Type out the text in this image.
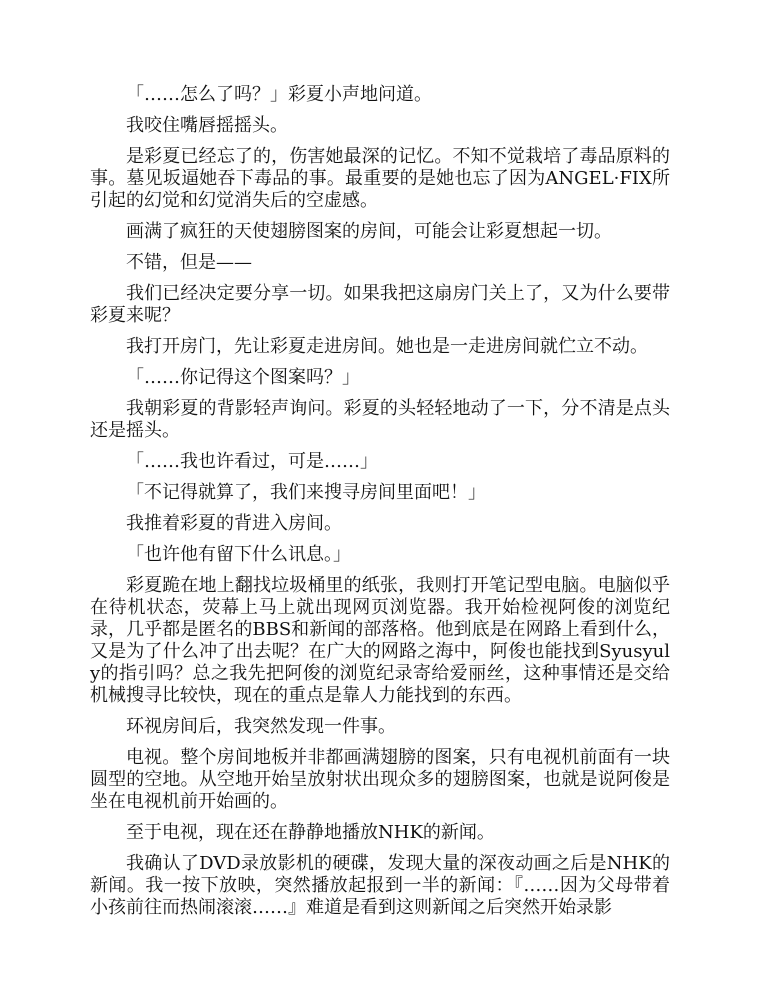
「……怎么了吗？」彩夏小声地问道。

我咬住嘴唇摇摇头。

是彩夏已经忘了的，伤害她最深的记忆。不知不觉栽培了毒品原料的事。墓见坂逼她吞下毒品的事。最重要的是她也忘了因为ANGEL·FIX所引起的幻觉和幻觉消失后的空虚感。

画满了疯狂的天使翅膀图案的房间，可能会让彩夏想起一切。

不错，但是——

我们已经决定要分享一切。如果我把这扇房门关上了，又为什么要带彩夏来呢？

我打开房门，先让彩夏走进房间。她也是一走进房间就伫立不动。

「……你记得这个图案吗？」

我朝彩夏的背影轻声询问。彩夏的头轻轻地动了一下，分不清是点头还是摇头。

「……我也许看过，可是……」

「不记得就算了，我们来搜寻房间里面吧！」

我推着彩夏的背进入房间。

「也许他有留下什么讯息。」

彩夏跪在地上翻找垃圾桶里的纸张，我则打开笔记型电脑。电脑似乎在待机状态，荧幕上马上就出现网页浏览器。我开始检视阿俊的浏览纪录，几乎都是匿名的BBS和新闻的部落格。他到底是在网路上看到什么，又是为了什么冲了出去呢？在广大的网路之海中，阿俊也能找到Syusyuly的指引吗？总之我先把阿俊的浏览纪录寄给爱丽丝，这种事情还是交给机械搜寻比较快，现在的重点是靠人力能找到的东西。

环视房间后，我突然发现一件事。

电视。整个房间地板并非都画满翅膀的图案，只有电视机前面有一块圆型的空地。从空地开始呈放射状出现众多的翅膀图案，也就是说阿俊是坐在电视机前开始画的。

至于电视，现在还在静静地播放NHK的新闻。

我确认了DVD录放影机的硬碟，发现大量的深夜动画之后是NHK的新闻。我一按下放映，突然播放起报到一半的新闻：『……因为父母带着小孩前往而热闹滚滚……』难道是看到这则新闻之后突然开始录影
